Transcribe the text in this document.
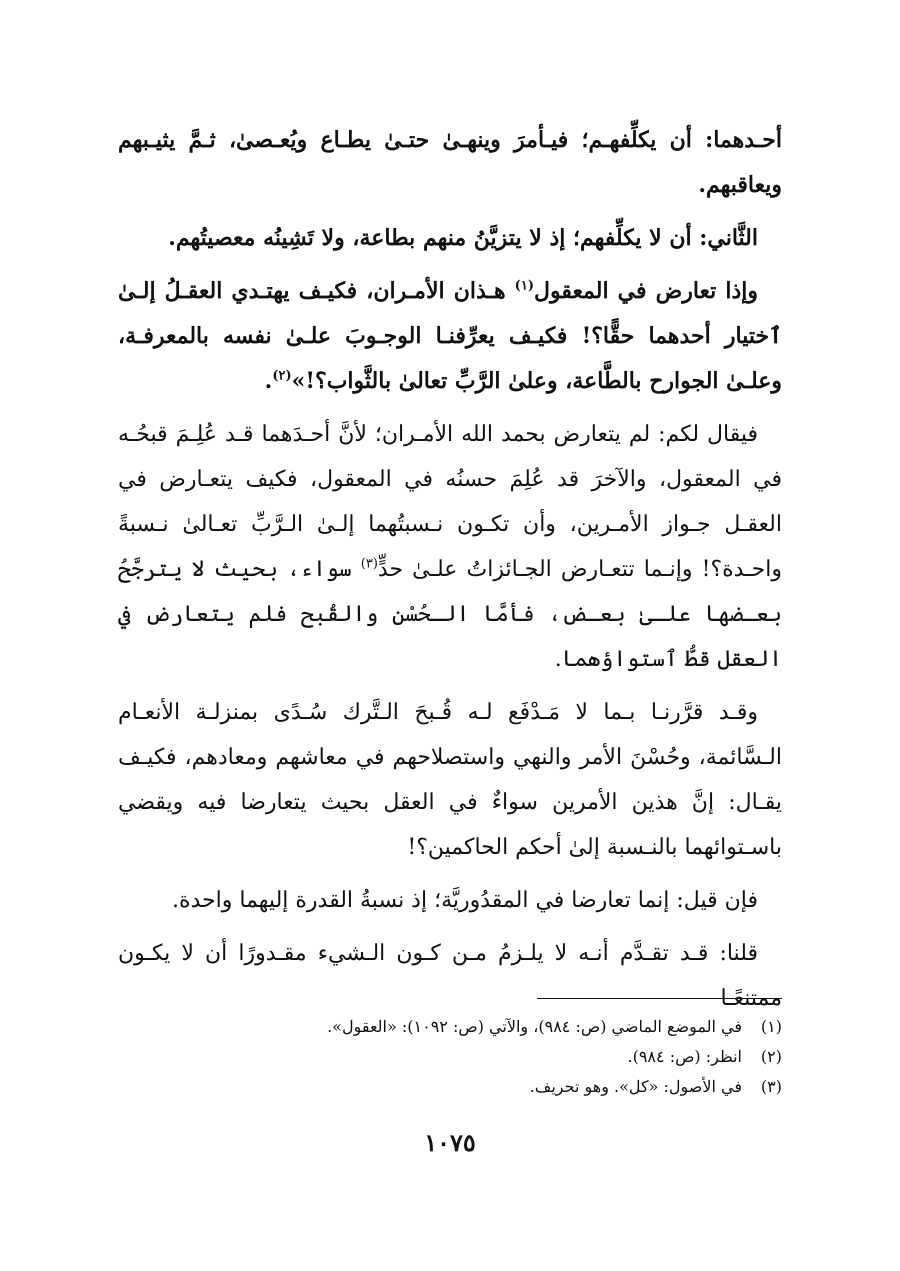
أحـدهما: أن يكلِّفهـم؛ فيـأمرَ وينهـىٰ حتـىٰ يطـاع ويُعـصىٰ، ثـمَّ يثيـبهم ويعاقبهم.

الثَّاني: أن لا يكلِّفهم؛ إذ لا يتزيَّنُ منهم بطاعة، ولا تَشِينُه معصيتُهم.

وإذا تعارض في المعقول$^{(١)}$ هـذان الأمـران، فكيـف يهتـدي العقـلُ إلـىٰ ٱختيار أحدهما حقًّا؟! فكيـف يعرِّفنـا الوجـوبَ علـىٰ نفسه بالمعرفـة، وعلـىٰ الجوارح بالطَّاعة، وعلىٰ الرَّبِّ تعالىٰ بالثَّواب؟!»$^{(٢)}$.

فيقال لكم: لم يتعارض بحمد الله الأمـران؛ لأنَّ أحـدَهما قـد عُلِـمَ قبحُـه في المعقول، والآخرَ قد عُلِمَ حسنُه في المعقول، فكيف يتعـارض في العقـل جـواز الأمـرين، وأن تكـون نـسبتُهما إلـىٰ الـرَّبِّ تعـالىٰ نـسبةً واحـدة؟! وإنـما تتعـارض الجـائزاتُ علـىٰ حدٍّ$^{(٣)}$ سواء، بحيث لا يترجَّحُ بعـضها علـىٰ بعـض، فأمَّا الـحُسْن والقُبح فلم يتعارض في العقل قطُّ ٱستواؤهما.

وقـد قرَّرنـا بـما لا مَـدْفَع لـه قُـبحَ الـتَّرك سُـدًى بمنزلـة الأنعـام الـسَّائمة، وحُسْنَ الأمر والنهي واستصلاحهم في معاشهم ومعادهم، فكيـف يقـال: إنَّ هذين الأمرين سواءٌ في العقل بحيث يتعارضا فيه ويقضي باسـتوائهما بالنـسبة إلىٰ أحكم الحاكمين؟!

فإن قيل: إنما تعارضا في المقدُوريَّة؛ إذ نسبةُ القدرة إليهما واحدة.

قلنا: قـد تقـدَّم أنـه لا يلـزمُ مـن كـون الـشيء مقـدورًا أن لا يكـون ممتنعًـا

(١)
في الموضع الماضي (ص: ٩٨٤)، والآتي (ص: ١٠٩٢): «العقول».
(٢)
انظر: (ص: ٩٨٤).
(٣)
في الأصول: «كل». وهو تحريف.
١٠٧٥
